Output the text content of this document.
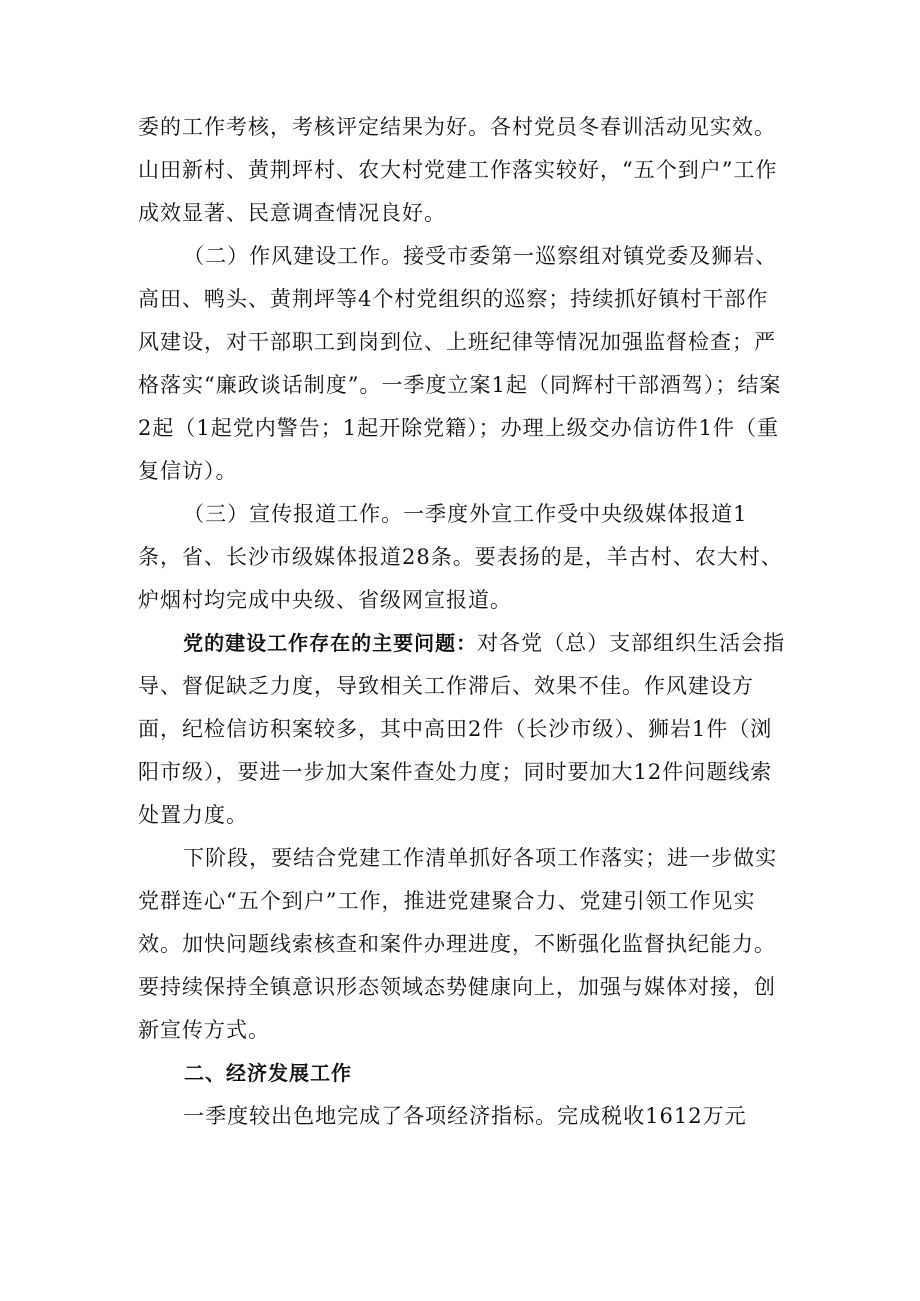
委的工作考核，考核评定结果为好。各村党员冬春训活动见实效。山田新村、黄荆坪村、农大村党建工作落实较好，“五个到户”工作成效显著、民意调查情况良好。

（二）作风建设工作。接受市委第一巡察组对镇党委及狮岩、高田、鸭头、黄荆坪等4个村党组织的巡察；持续抓好镇村干部作风建设，对干部职工到岗到位、上班纪律等情况加强监督检查；严格落实“廉政谈话制度”。一季度立案1起（同辉村干部酒驾）；结案2起（1起党内警告；1起开除党籍）；办理上级交办信访件1件（重复信访）。

（三）宣传报道工作。一季度外宣工作受中央级媒体报道1条，省、长沙市级媒体报道28条。要表扬的是，羊古村、农大村、炉烟村均完成中央级、省级网宣报道。

党的建设工作存在的主要问题：对各党（总）支部组织生活会指导、督促缺乏力度，导致相关工作滞后、效果不佳。作风建设方面，纪检信访积案较多，其中高田2件（长沙市级）、狮岩1件（浏阳市级），要进一步加大案件查处力度；同时要加大12件问题线索处置力度。

下阶段，要结合党建工作清单抓好各项工作落实；进一步做实党群连心“五个到户”工作，推进党建聚合力、党建引领工作见实效。加快问题线索核查和案件办理进度，不断强化监督执纪能力。要持续保持全镇意识形态领域态势健康向上，加强与媒体对接，创新宣传方式。

二、经济发展工作

一季度较出色地完成了各项经济指标。完成税收1612万元
